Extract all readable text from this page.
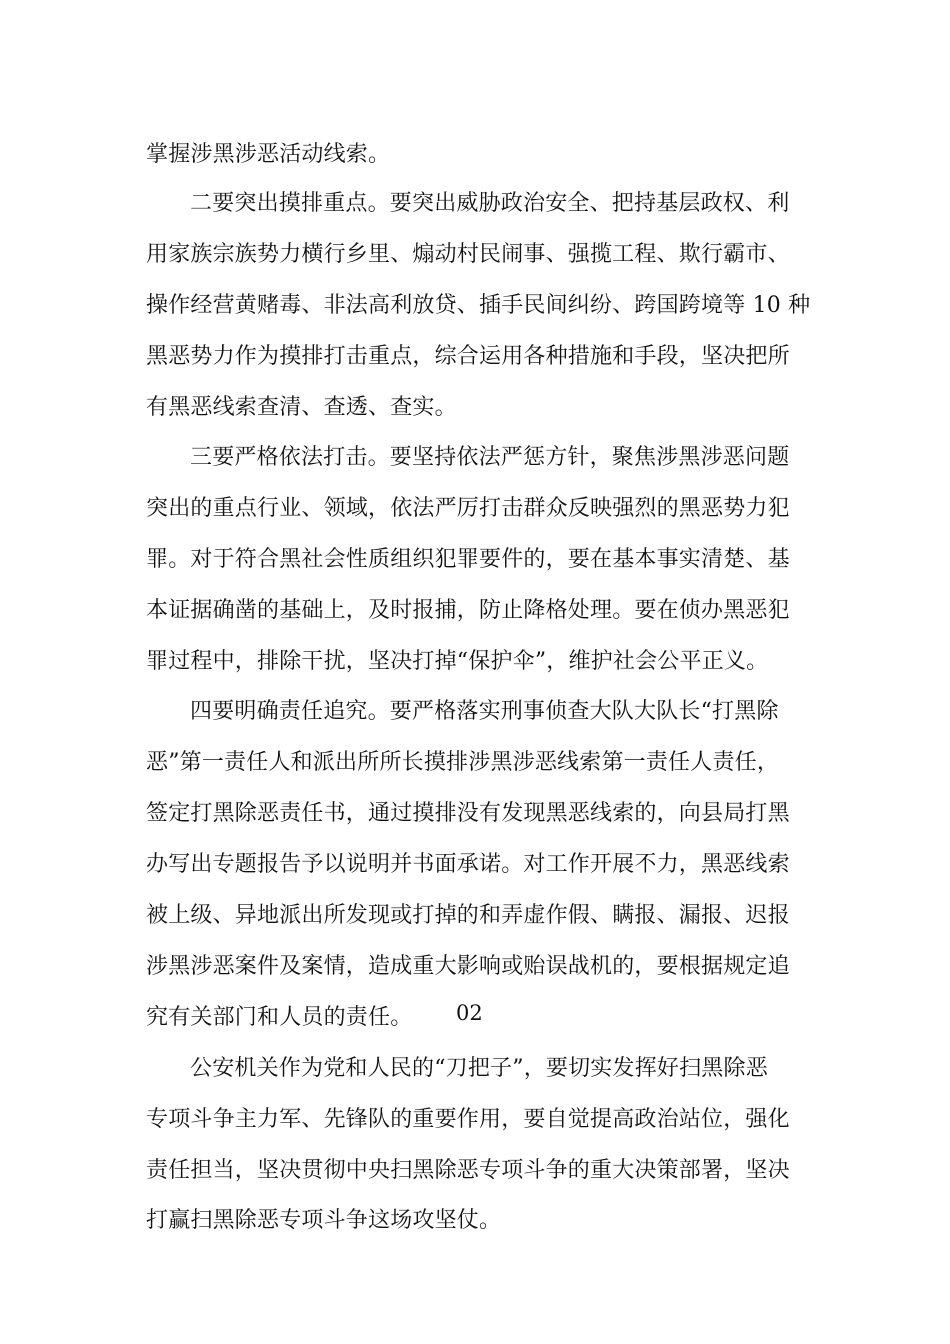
掌握涉黑涉恶活动线索。
二要突出摸排重点。要突出威胁政治安全、把持基层政权、利
用家族宗族势力横行乡里、煽动村民闹事、强揽工程、欺行霸市、
操作经营黄赌毒、非法高利放贷、插手民间纠纷、跨国跨境等 10 种
黑恶势力作为摸排打击重点，综合运用各种措施和手段，坚决把所
有黑恶线索查清、查透、查实。
三要严格依法打击。要坚持依法严惩方针，聚焦涉黑涉恶问题
突出的重点行业、领域，依法严厉打击群众反映强烈的黑恶势力犯
罪。对于符合黑社会性质组织犯罪要件的，要在基本事实清楚、基
本证据确凿的基础上，及时报捕，防止降格处理。要在侦办黑恶犯
罪过程中，排除干扰，坚决打掉“保护伞”，维护社会公平正义。
四要明确责任追究。要严格落实刑事侦查大队大队长“打黑除
恶”第一责任人和派出所所长摸排涉黑涉恶线索第一责任人责任，
签定打黑除恶责任书，通过摸排没有发现黑恶线索的，向县局打黑
办写出专题报告予以说明并书面承诺。对工作开展不力，黑恶线索
被上级、异地派出所发现或打掉的和弄虚作假、瞒报、漏报、迟报
涉黑涉恶案件及案情，造成重大影响或贻误战机的，要根据规定追
究有关部门和人员的责任。
公安机关作为党和人民的“刀把子”，要切实发挥好扫黑除恶
专项斗争主力军、先锋队的重要作用，要自觉提高政治站位，强化
责任担当，坚决贯彻中央扫黑除恶专项斗争的重大决策部署，坚决
打赢扫黑除恶专项斗争这场攻坚仗。
02
